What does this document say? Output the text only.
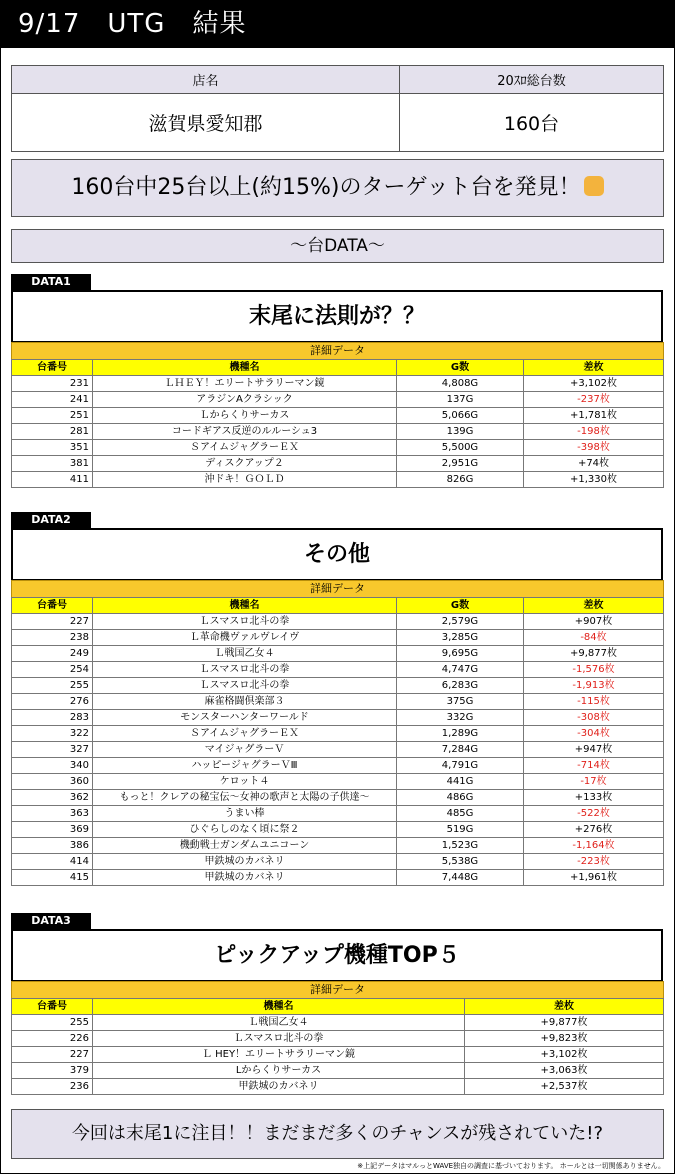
9/17　UTG　結果
店名	20ｽﾛ総台数
滋賀県愛知郡	160台
160台中25台以上(約15%)のターゲット台を発見！
～台DATA～
DATA1
末尾に法則が？？
詳細データ
台番号	機種名	G数	差枚
231	ＬＨＥＹ！エリートサラリーマン鏡	4,808G	+3,102枚
241	アラジンAクラシック	137G	-237枚
251	Ｌからくりサーカス	5,066G	+1,781枚
281	コードギアス反逆のルルーシュ3	139G	-198枚
351	ＳアイムジャグラーＥＸ	5,500G	-398枚
381	ディスクアップ２	2,951G	+74枚
411	沖ドキ！ＧＯＬＤ	826G	+1,330枚
DATA2
その他
詳細データ
台番号	機種名	G数	差枚
227	Ｌスマスロ北斗の拳	2,579G	+907枚
238	Ｌ革命機ヴァルヴレイヴ	3,285G	-84枚
249	Ｌ戦国乙女４	9,695G	+9,877枚
254	Ｌスマスロ北斗の拳	4,747G	-1,576枚
255	Ｌスマスロ北斗の拳	6,283G	-1,913枚
276	麻雀格闘倶楽部３	375G	-115枚
283	モンスターハンターワールド	332G	-308枚
322	ＳアイムジャグラーＥＸ	1,289G	-304枚
327	マイジャグラーＶ	7,284G	+947枚
340	ハッピージャグラーＶⅢ	4,791G	-714枚
360	ケロット４	441G	-17枚
362	もっと！クレアの秘宝伝～女神の歌声と太陽の子供達～	486G	+133枚
363	うまい棒	485G	-522枚
369	ひぐらしのなく頃に祭２	519G	+276枚
386	機動戦士ガンダムユニコーン	1,523G	-1,164枚
414	甲鉄城のカバネリ	5,538G	-223枚
415	甲鉄城のカバネリ	7,448G	+1,961枚
DATA3
ピックアップ機種TOP５
詳細データ
台番号	機種名	差枚
255	Ｌ戦国乙女４	+9,877枚
226	Ｌスマスロ北斗の拳	+9,823枚
227	Ｌ HEY！エリートサラリーマン鏡	+3,102枚
379	Lからくりサーカス	+3,063枚
236	甲鉄城のカバネリ	+2,537枚
今回は末尾1に注目！！まだまだ多くのチャンスが残されていた!?
※上記データはマルっとWAVE独自の調査に基づいております。 ホールとは一切関係ありません。
